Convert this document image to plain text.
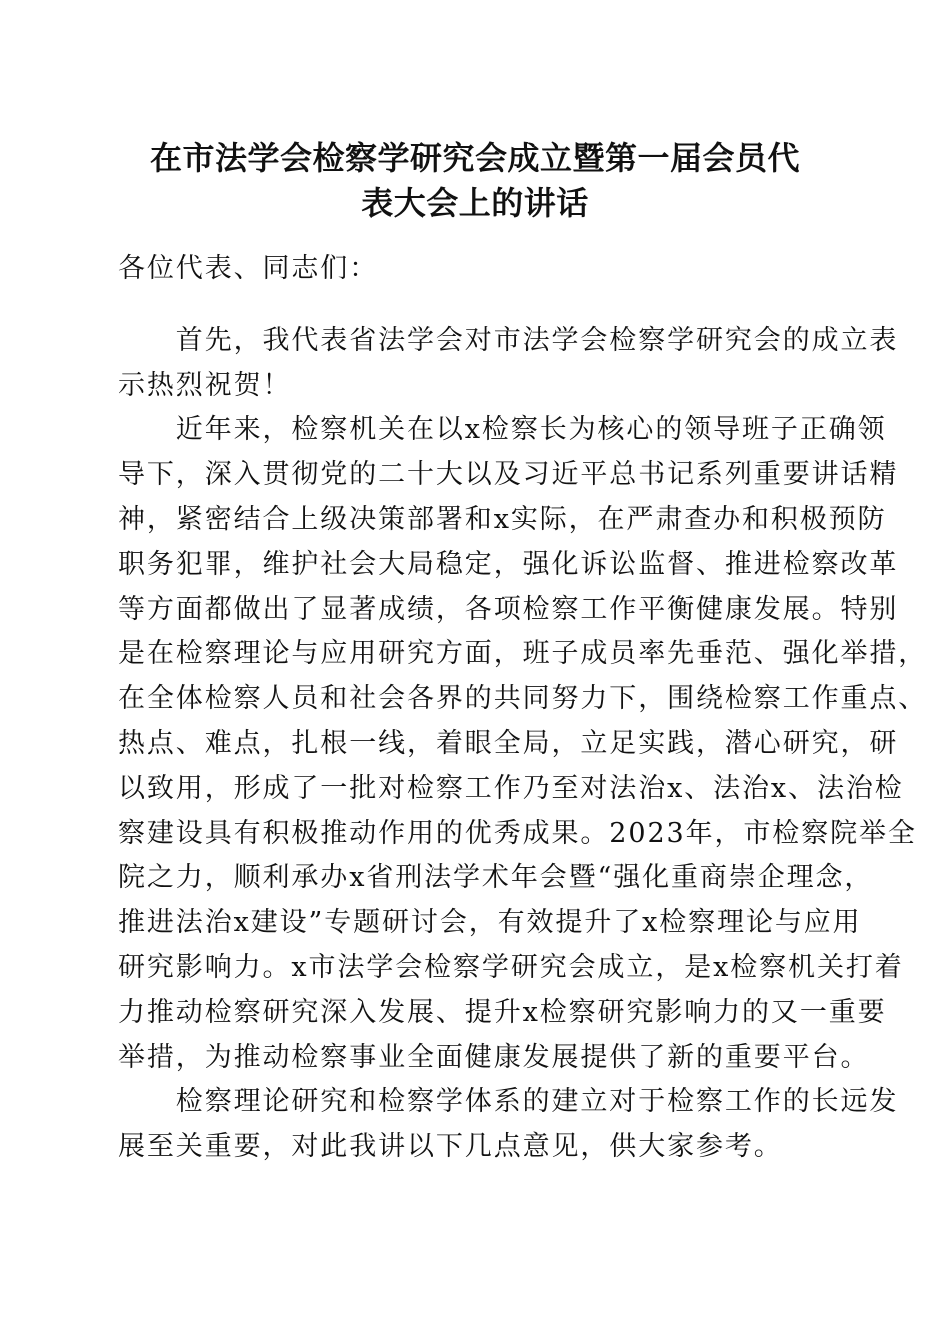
在市法学会检察学研究会成立暨第一届会员代
表大会上的讲话
各位代表、同志们：
　　首先，我代表省法学会对市法学会检察学研究会的成立表
示热烈祝贺！
　　近年来，检察机关在以x检察长为核心的领导班子正确领
导下，深入贯彻党的二十大以及习近平总书记系列重要讲话精
神，紧密结合上级决策部署和x实际，在严肃查办和积极预防
职务犯罪，维护社会大局稳定，强化诉讼监督、推进检察改革
等方面都做出了显著成绩，各项检察工作平衡健康发展。特别
是在检察理论与应用研究方面，班子成员率先垂范、强化举措，
在全体检察人员和社会各界的共同努力下，围绕检察工作重点、
热点、难点，扎根一线，着眼全局，立足实践，潜心研究，研
以致用，形成了一批对检察工作乃至对法治x、法治x、法治检
察建设具有积极推动作用的优秀成果。2023年，市检察院举全
院之力，顺利承办x省刑法学术年会暨“强化重商崇企理念，
推进法治x建设”专题研讨会，有效提升了x检察理论与应用
研究影响力。x市法学会检察学研究会成立，是x检察机关打着
力推动检察研究深入发展、提升x检察研究影响力的又一重要
举措，为推动检察事业全面健康发展提供了新的重要平台。
　　检察理论研究和检察学体系的建立对于检察工作的长远发
展至关重要，对此我讲以下几点意见，供大家参考。
